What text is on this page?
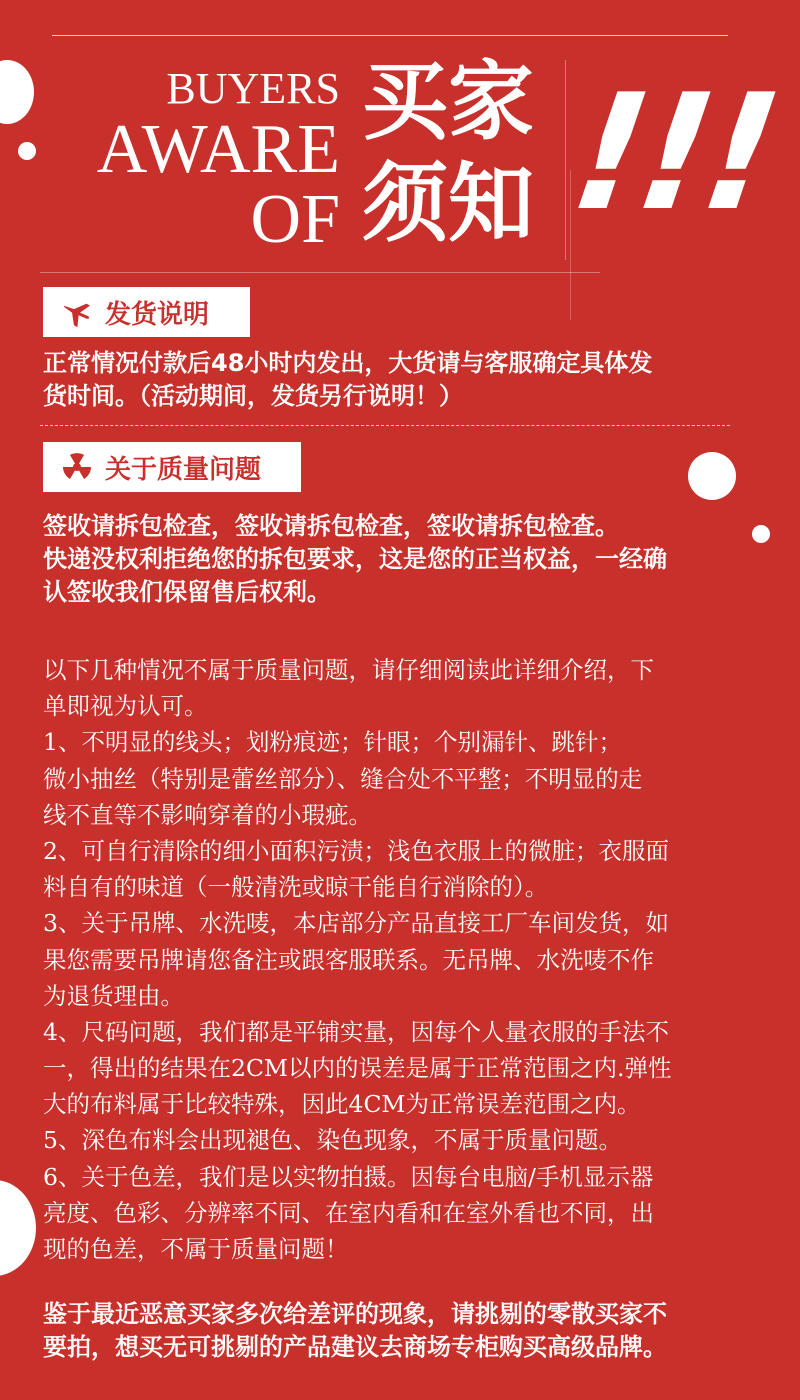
BUYERS
AWARE
OF
买家
须知 !!!
发货说明
正常情况付款后48小时内发出，大货请与客服确定具体发
货时间。（活动期间，发货另行说明！）
关于质量问题
签收请拆包检查，签收请拆包检查，签收请拆包检查。
快递没权利拒绝您的拆包要求，这是您的正当权益，一经确
认签收我们保留售后权利。
以下几种情况不属于质量问题，请仔细阅读此详细介绍，下
单即视为认可。
1、不明显的线头；划粉痕迹；针眼；个别漏针、跳针；
微小抽丝（特别是蕾丝部分）、缝合处不平整；不明显的走
线不直等不影响穿着的小瑕疵。
2、可自行清除的细小面积污渍；浅色衣服上的微脏；衣服面
料自有的味道（一般清洗或晾干能自行消除的）。
3、关于吊牌、水洗唛，本店部分产品直接工厂车间发货，如
果您需要吊牌请您备注或跟客服联系。无吊牌、水洗唛不作
为退货理由。
4、尺码问题，我们都是平铺实量，因每个人量衣服的手法不
一，得出的结果在2CM以内的误差是属于正常范围之内.弹性
大的布料属于比较特殊，因此4CM为正常误差范围之内。
5、深色布料会出现褪色、染色现象，不属于质量问题。
6、关于色差，我们是以实物拍摄。因每台电脑/手机显示器
亮度、色彩、分辨率不同、在室内看和在室外看也不同，出
现的色差，不属于质量问题！
鉴于最近恶意买家多次给差评的现象，请挑剔的零散买家不
要拍，想买无可挑剔的产品建议去商场专柜购买高级品牌。
